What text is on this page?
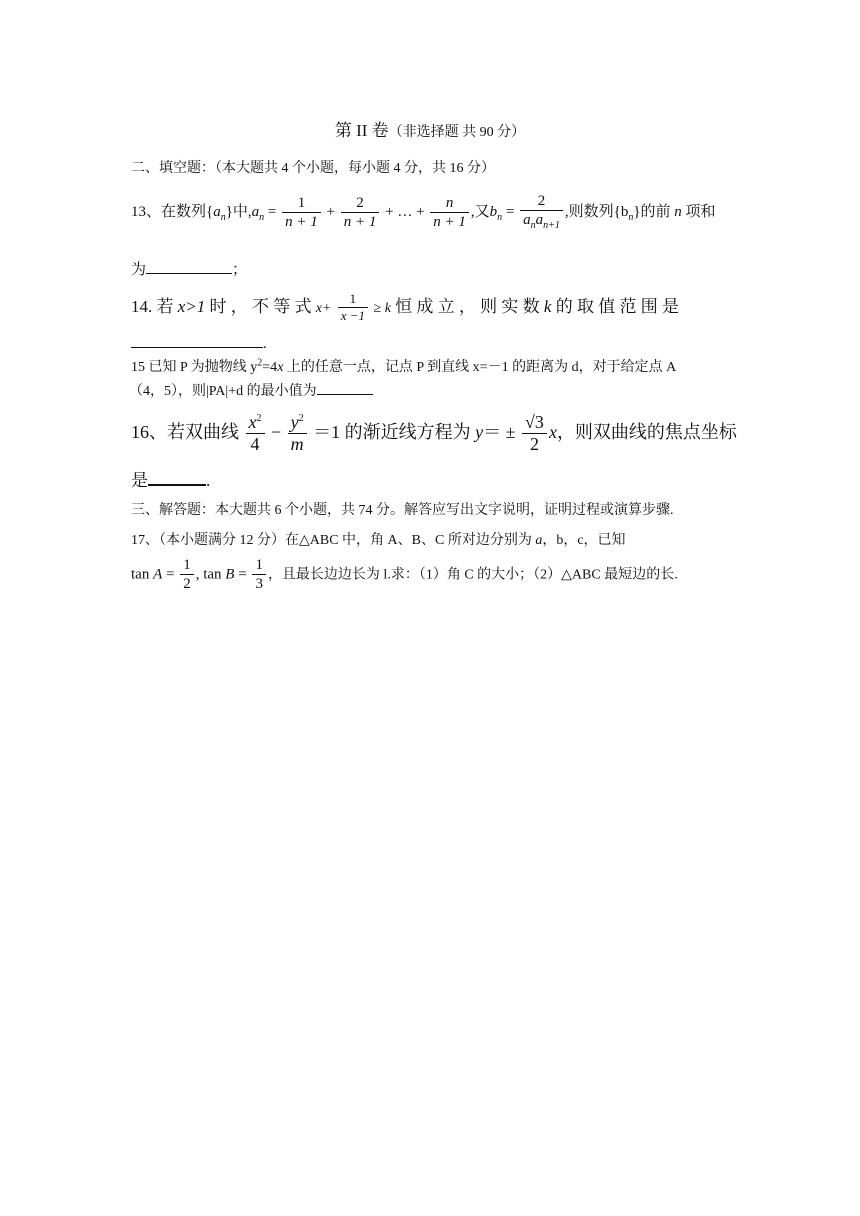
第 II 卷（非选择题 共 90 分）
二、填空题：（本大题共 4 个小题，每小题 4 分，共 16 分）
13、在数列$\{a_n\}$中$,a_n = \frac{1}{n + 1} + \frac{2}{n + 1}$ + … + $\frac{n}{n + 1}$ ,又$b_n = \frac{2}{a_na_{n+1}}$ ,则数列$\{b_n\}$的前 n 项和
为	；
14. 若 x>1 时 ， 不 等 式 $x+ \frac{1}{x -1} \ge k$ 恒 成 立 ， 则 实 数 k 的 取 值 范 围 是
.
15 已知 P 为抛物线 $y^2=4x$ 上的任意一点，记点 P 到直线 x=－1 的距离为 d，对于给定点 A
（4，5），则|PA|+d 的最小值为
16、若双曲线 $\frac{x^2}{4} - \frac{y^2}{m} =1$ 的渐近线方程为 $y= \pm \frac{√3}{2}$ x，则双曲线的焦点坐标
是	.
三、解答题：本大题共 6 个小题，共 74 分。解答应写出文字说明，证明过程或演算步骤.
17、（本小题满分 12 分）在△ABC 中，角 A、B、C 所对边分别为 a，b，c，已知
$\tan A = \frac{1}{2}$ , $\tan B = \frac{1}{3}$ ，且最长边边长为 l.求：（1）角 C 的大小；（2）△ABC 最短边的长.
